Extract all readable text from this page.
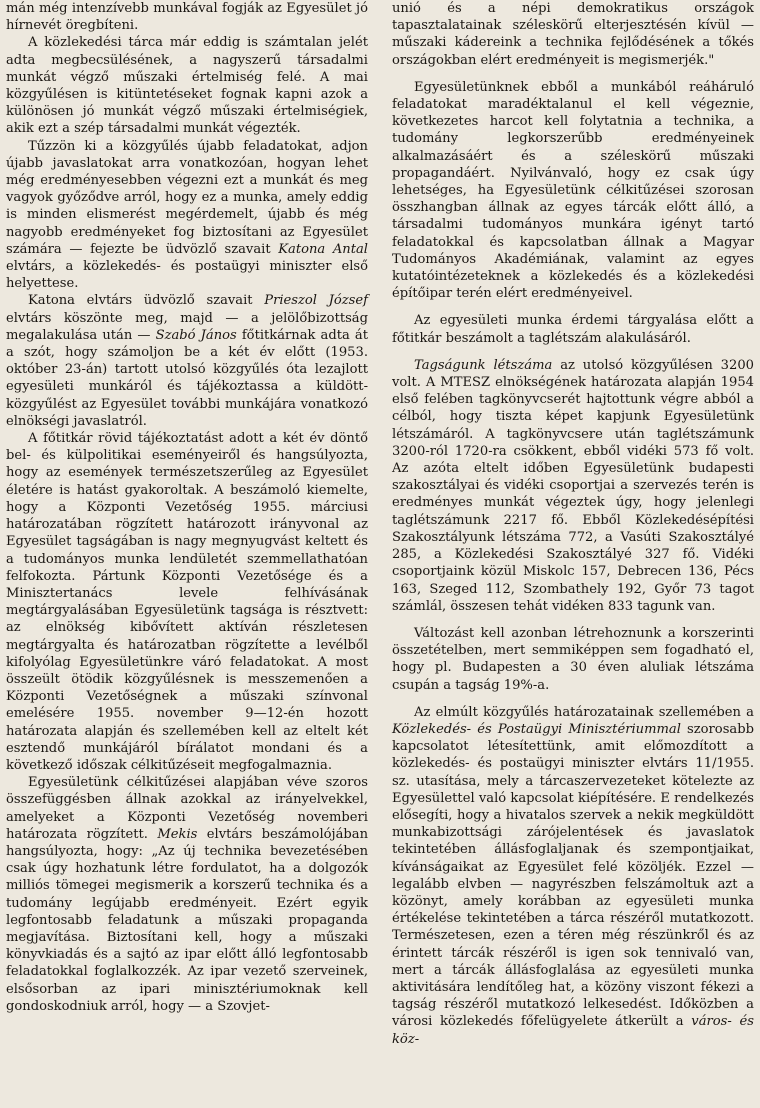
mán még intenzívebb munkával fogják az Egyesület jó hírnevét öregbíteni.

A közlekedési tárca már eddig is számtalan jelét adta megbecsülésének, a nagyszerű társadalmi munkát végző műszaki értelmiség felé. A mai közgyűlésen is kitüntetéseket fognak kapni azok a különösen jó munkát végző műszaki értelmiségiek, akik ezt a szép társadalmi munkát végezték.

Tűzzön ki a közgyűlés újabb feladatokat, adjon újabb javaslatokat arra vonatkozóan, hogyan lehet még eredményesebben végezni ezt a munkát és meg vagyok győződve arról, hogy ez a munka, amely eddig is minden elismerést megérdemelt, újabb és még nagyobb eredményeket fog biztosítani az Egyesület számára — fejezte be üdvözlő szavait Katona Antal elvtárs, a közlekedés- és postaügyi miniszter első helyettese.

Katona elvtárs üdvözlő szavait Prieszol József elvtárs köszönte meg, majd — a jelölőbizottság megalakulása után — Szabó János főtitkárnak adta át a szót, hogy számoljon be a két év előtt (1953. október 23-án) tartott utolsó közgyűlés óta lezajlott egyesületi munkáról és tájékoztassa a küldött-közgyűlést az Egyesület további munkájára vonatkozó elnökségi javaslatról.

A főtitkár rövid tájékoztatást adott a két év döntő bel- és külpolitikai eseményeiről és hangsúlyozta, hogy az események természetszerűleg az Egyesület életére is hatást gyakoroltak. A beszámoló kiemelte, hogy a Központi Vezetőség 1955. márciusi határozatában rögzített határozott irányvonal az Egyesület tagságában is nagy megnyugvást keltett és a tudományos munka lendületét szemmellathatóan felfokozta. Pártunk Központi Vezetősége és a Minisztertanács levele felhívásának megtárgyalásában Egyesületünk tagsága is résztvett: az elnökség kibővített aktíván részletesen megtárgyalta és határozatban rögzítette a levélből kifolyólag Egyesületünkre váró feladatokat. A most összeült ötödik közgyűlésnek is messzemenően a Központi Vezetőségnek a műszaki színvonal emelésére 1955. november 9—12-én hozott határozata alapján és szellemében kell az eltelt két esztendő munkájáról bírálatot mondani és a következő időszak célkitűzéseit megfogalmaznia.

Egyesületünk célkitűzései alapjában véve szoros összefüggésben állnak azokkal az irányelvekkel, amelyeket a Központi Vezetőség novemberi határozata rögzített. Mekis elvtárs beszámolójában hangsúlyozta, hogy: „Az új technika bevezetésében csak úgy hozhatunk létre fordulatot, ha a dolgozók milliós tömegei megismerik a korszerű technika és a tudomány legújabb eredményeit. Ezért egyik legfontosabb feladatunk a műszaki propaganda megjavítása. Biztosítani kell, hogy a műszaki könyvkiadás és a sajtó az ipar előtt álló legfontosabb feladatokkal foglalkozzék. Az ipar vezető szerveinek, elsősorban az ipari minisztériumoknak kell gondoskodniuk arról, hogy — a Szovjet-

unió és a népi demokratikus országok tapasztalatainak széleskörű elterjesztésén kívül — műszaki kádereink a technika fejlődésének a tőkés országokban elért eredményeit is megismerjék."

Egyesületünknek ebből a munkából reáháruló feladatokat maradéktalanul el kell végeznie, következetes harcot kell folytatnia a technika, a tudomány legkorszerűbb eredményeinek alkalmazásáért és a széleskörű műszaki propagandáért. Nyilvánvaló, hogy ez csak úgy lehetséges, ha Egyesületünk célkitűzései szorosan összhangban állnak az egyes tárcák előtt álló, a társadalmi tudományos munkára igényt tartó feladatokkal és kapcsolatban állnak a Magyar Tudományos Akadémiának, valamint az egyes kutatóintézeteknek a közlekedés és a közlekedési építőipar terén elért eredményeivel.

Az egyesületi munka érdemi tárgyalása előtt a főtitkár beszámolt a taglétszám alakulásáról.

Tagságunk létszáma az utolsó közgyűlésen 3200 volt. A MTESZ elnökségének határozata alapján 1954 első felében tagkönyvcserét hajtottunk végre abból a célból, hogy tiszta képet kapjunk Egyesületünk létszámáról. A tagkönyvcsere után taglétszámunk 3200-ról 1720-ra csökkent, ebből vidéki 573 fő volt. Az azóta eltelt időben Egyesületünk budapesti szakosztályai és vidéki csoportjai a szervezés terén is eredményes munkát végeztek úgy, hogy jelenlegi taglétszámunk 2217 fő. Ebből Közlekedésépítési Szakosztályunk létszáma 772, a Vasúti Szakosztályé 285, a Közlekedési Szakosztályé 327 fő. Vidéki csoportjaink közül Miskolc 157, Debrecen 136, Pécs 163, Szeged 112, Szombathely 192, Győr 73 tagot számlál, összesen tehát vidéken 833 tagunk van.

Változást kell azonban létrehoznunk a korszerinti összetételben, mert semmiképpen sem fogadható el, hogy pl. Budapesten a 30 éven aluliak létszáma csupán a tagság 19%-a.

Az elmúlt közgyűlés határozatainak szellemében a Közlekedés- és Postaügyi Minisztériummal szorosabb kapcsolatot létesítettünk, amit előmozdított a közlekedés- és postaügyi miniszter elvtárs 11/1955. sz. utasítása, mely a tárcaszervezeteket kötelezte az Egyesülettel való kapcsolat kiépítésére. E rendelkezés elősegíti, hogy a hivatalos szervek a nekik megküldött munkabizottsági zárójelentések és javaslatok tekintetében állásfoglaljanak és szempontjaikat, kívánságaikat az Egyesület felé közöljék. Ezzel — legalább elvben — nagyrészben felszámoltuk azt a közönyt, amely korábban az egyesületi munka értékelése tekintetében a tárca részéről mutatkozott. Természetesen, ezen a téren még részünkről és az érintett tárcák részéről is igen sok tennivaló van, mert a tárcák állásfoglalása az egyesületi munka aktivitására lendítőleg hat, a közöny viszont fékezi a tagság részéről mutatkozó lelkesedést. Időközben a városi közlekedés főfelügyelete átkerült a város- és köz-
